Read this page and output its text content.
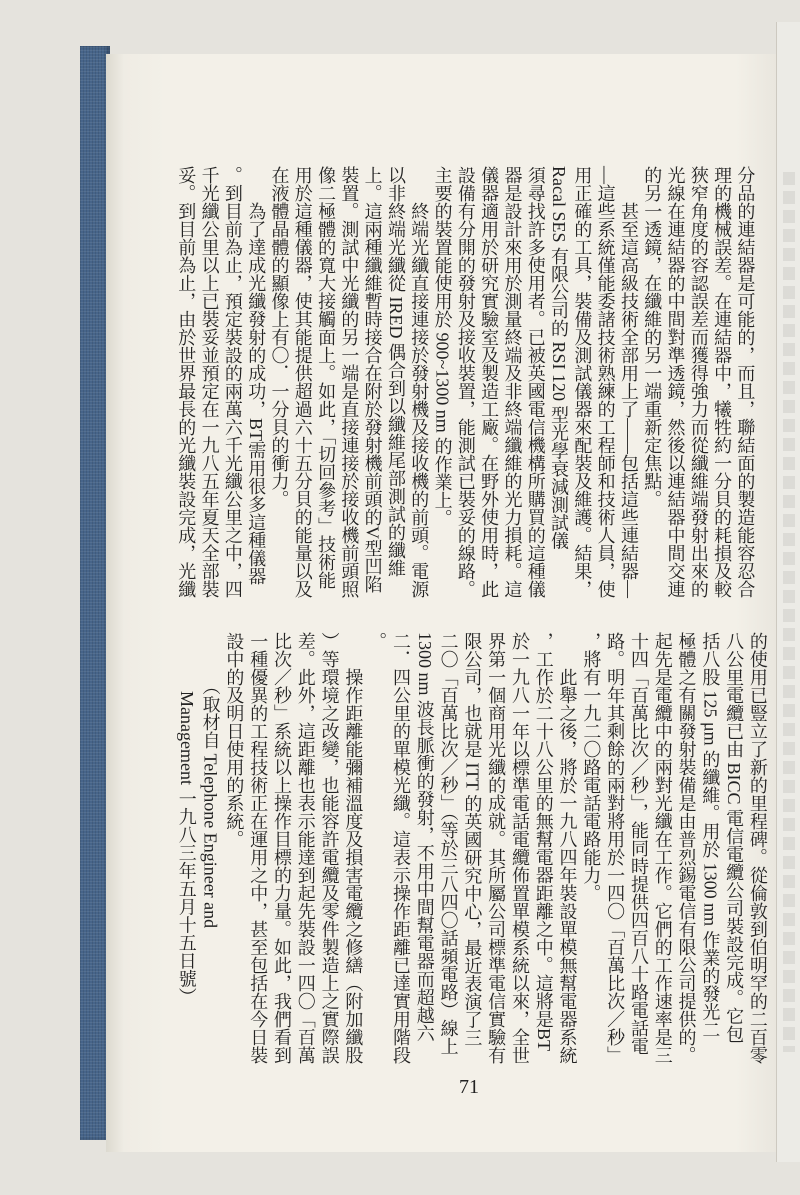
分品的連結器是可能的，而且，聯結面的製造能容忍合
理的機械誤差。在連結器中，犧牲約一分貝的耗損及較
狹窄角度的容認誤差而獲得強力而從纖維端發射出來的
光線在連結器的中間對準透鏡，然後以連結器中間交連
的另一透鏡，在纖維的另一端重新定焦點。
甚至這高級技術全部用上了——包括這些連結器—
—這些系統僅能委諸技術熟練的工程師和技術人員，使
用正確的工具，裝備及測試儀器來配裝及維護。結果，
Racal SES 有限公司的 RSI 120 型光學衰減測試儀
須尋找許多使用者。已被英國電信機構所購買的這種儀
器是設計來用於測量終端及非終端纖維的光力損耗。這
儀器適用於研究實驗室及製造工廠。在野外使用時，此
設備有分開的發射及接收裝置，能測試已裝妥的線路。
主要的裝置能使用於 900~1300 nm 的作業上。
終端光纖直接連接於發射機及接收機的前頭。電源
以非終端光纖從 IRED 偶合到以纖維尾部測試的纖維
上。這兩種纖維暫時接合在附於發射機前頭的V型凹陷
裝置。測試中光纖的另一端是直接連接於接收機前頭照
像二極體的寬大接觸面上。如此，「切回參考」技術能
用於這種儀器，使其能提供超過六十五分貝的能量以及
在液體晶體的顯像上有〇．一分貝的衝力。
為了達成光纖發射的成功，BT需用很多這種儀器
。到目前為止，預定裝設的兩萬六千光纖公里之中，四
千光纖公里以上已裝妥並預定在一九八五年夏天全部裝
妥。到目前為止，由於世界最長的光纖裝設完成，光纖
的使用已豎立了新的里程碑。從倫敦到伯明罕的二百零
八公里電纜已由 BICC 電信電纜公司裝設完成。它包
括八股 125 μm 的纖維。用於 1300 nm 作業的發光二
極體之有關發射裝備是由普烈錫電信有限公司提供的。
起先是電纜中的兩對光纖在工作。它們的工作速率是三
十四「百萬比次／秒」，能同時提供四百八十路電話電
路。明年其剩餘的兩對將用於一四〇「百萬比次／秒」
，將有一九二〇路電話電路能力。
此舉之後，將於一九八四年裝設單模無幫電器系統
，工作於二十八公里的無幫電器距離之中。這將是BT
於一九八一年以標準電話電纜佈置單模系統以來，全世
界第一個商用光纖的成就。其所屬公司標準電信實驗有
限公司，也就是 ITT 的英國研究中心，最近表演了三
二〇「百萬比次／秒」（等於三八四〇話頻電路）線上
1300 nm 波長脈衝的發射，不用中間幫電器而超越六
二．四公里的單模光纖。這表示操作距離已達實用階段
。
操作距離能彌補溫度及損害電纜之修繕（附加纖股
）等環境之改變，也能容許電纜及零件製造上之實際誤
差。此外，這距離也表示能達到起先裝設一四〇「百萬
比次／秒」系統以上操作目標的力量。如此，我們看到
一種優異的工程技術正在運用之中，甚至包括在今日裝
設中的及明日使用的系統。
（取材自 Telephone Engineer and
Management 一九八三年五月十五日號）
71
